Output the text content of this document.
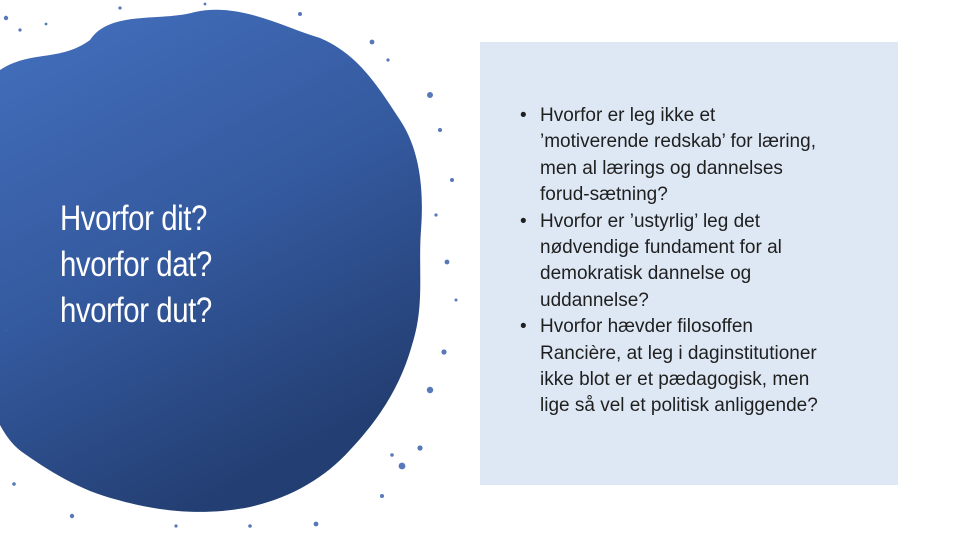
Hvorfor dit?
hvorfor dat?
hvorfor dut?
• Hvorfor er leg ikke et
’motiverende redskab’ for læring,
men al lærings og dannelses
forud-sætning?
• Hvorfor er ’ustyrlig’ leg det
nødvendige fundament for al
demokratisk dannelse og
uddannelse?
• Hvorfor hævder filosoffen
Rancière, at leg i daginstitutioner
ikke blot er et pædagogisk, men
lige så vel et politisk anliggende?
